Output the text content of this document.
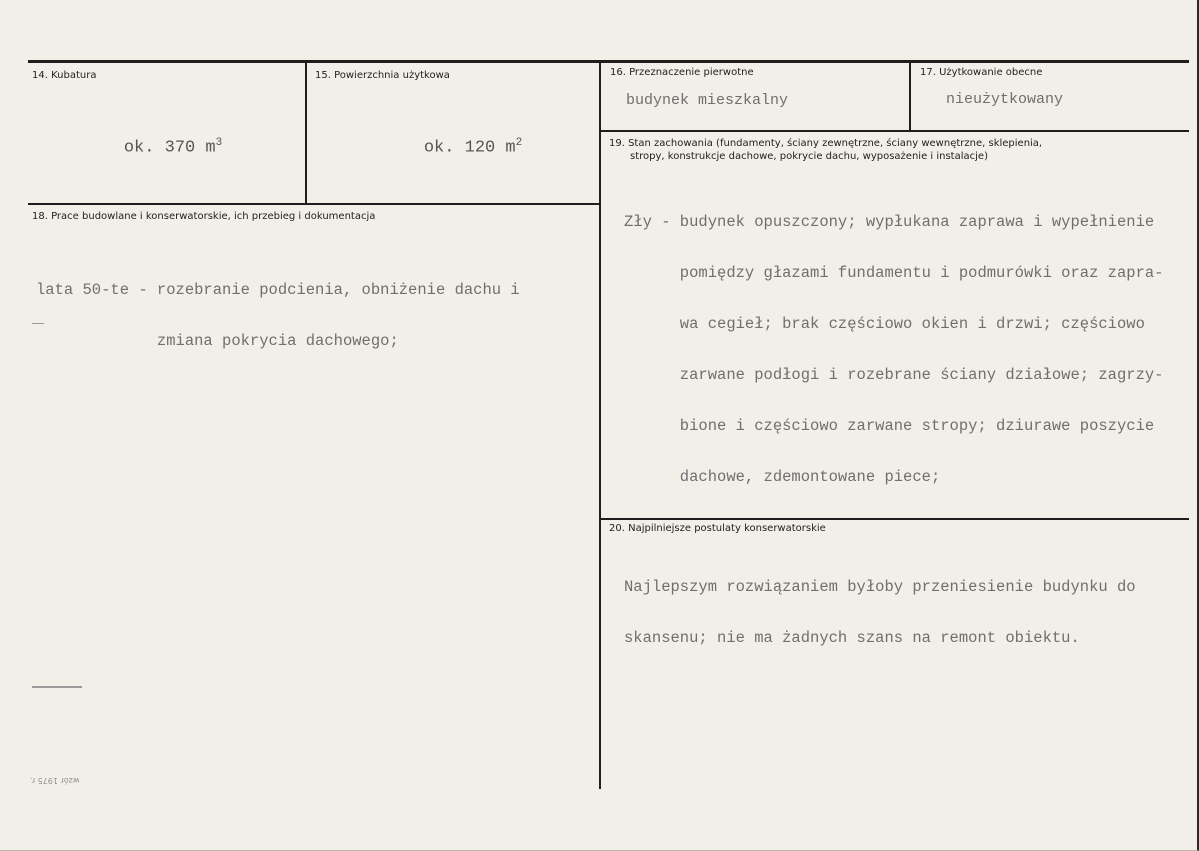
14. Kubatura

ok. 370 $m^3$

15. Powierzchnia użytkowa

ok. 120 $m^2$

16. Przeznaczenie pierwotne
budynek mieszkalny
17. Użytkowanie obecne
nieużytkowany
18. Prace budowlane i konserwatorskie, ich przebieg i dokumentacja

lata 50-te - rozebranie podcienia, obniżenie dachu i

zmiana pokrycia dachowego;

19. Stan zachowania (fundamenty, ściany zewnętrzne, ściany wewnętrzne, sklepienia,
stropy, konstrukcje dachowe, pokrycie dachu, wyposażenie i instalacje)

Zły - budynek opuszczony; wypłukana zaprawa i wypełnienie

pomiędzy głazami fundamentu i podmurówki oraz zapra-

wa cegieł; brak częściowo okien i drzwi; częściowo

zarwane podłogi i rozebrane ściany działowe; zagrzy-

bione i częściowo zarwane stropy; dziurawe poszycie

dachowe, zdemontowane piece;

20. Najpilniejsze postulaty konserwatorskie

Najlepszym rozwiązaniem byłoby przeniesienie budynku do

skansenu; nie ma żadnych szans na remont obiektu.

wzór 1975 r.
